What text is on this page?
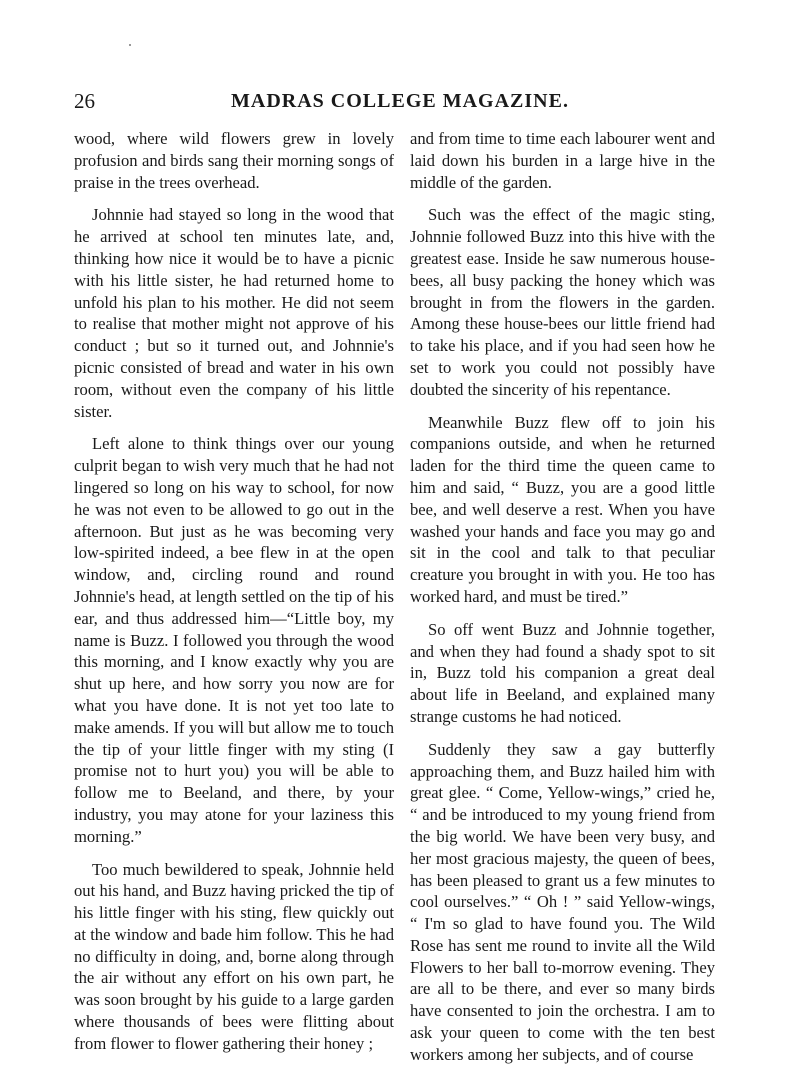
26	MADRAS COLLEGE MAGAZINE.

wood, where wild flowers grew in lovely profusion and birds sang their morning songs of praise in the trees overhead.

Johnnie had stayed so long in the wood that he arrived at school ten minutes late, and, thinking how nice it would be to have a picnic with his little sister, he had returned home to unfold his plan to his mother. He did not seem to realise that mother might not approve of his conduct ; but so it turned out, and Johnnie's picnic consisted of bread and water in his own room, without even the company of his little sister.

Left alone to think things over our young culprit began to wish very much that he had not lingered so long on his way to school, for now he was not even to be allowed to go out in the afternoon. But just as he was becoming very low-spirited indeed, a bee flew in at the open window, and, circling round and round Johnnie's head, at length settled on the tip of his ear, and thus addressed him—“Little boy, my name is Buzz. I followed you through the wood this morning, and I know exactly why you are shut up here, and how sorry you now are for what you have done. It is not yet too late to make amends. If you will but allow me to touch the tip of your little finger with my sting (I promise not to hurt you) you will be able to follow me to Beeland, and there, by your industry, you may atone for your laziness this morning.”

Too much bewildered to speak, Johnnie held out his hand, and Buzz having pricked the tip of his little finger with his sting, flew quickly out at the window and bade him follow. This he had no difficulty in doing, and, borne along through the air without any effort on his own part, he was soon brought by his guide to a large garden where thousands of bees were flitting about from flower to flower gathering their honey ;

and from time to time each labourer went and laid down his burden in a large hive in the middle of the garden.

Such was the effect of the magic sting, Johnnie followed Buzz into this hive with the greatest ease. Inside he saw numerous house-bees, all busy packing the honey which was brought in from the flowers in the garden. Among these house-bees our little friend had to take his place, and if you had seen how he set to work you could not possibly have doubted the sincerity of his repentance.

Meanwhile Buzz flew off to join his companions outside, and when he returned laden for the third time the queen came to him and said, “ Buzz, you are a good little bee, and well deserve a rest. When you have washed your hands and face you may go and sit in the cool and talk to that peculiar creature you brought in with you. He too has worked hard, and must be tired.”

So off went Buzz and Johnnie together, and when they had found a shady spot to sit in, Buzz told his companion a great deal about life in Beeland, and explained many strange customs he had noticed.

Suddenly they saw a gay butterfly approaching them, and Buzz hailed him with great glee. “ Come, Yellow-wings,” cried he, “ and be introduced to my young friend from the big world. We have been very busy, and her most gracious majesty, the queen of bees, has been pleased to grant us a few minutes to cool ourselves.” “ Oh ! ” said Yellow-wings, “ I'm so glad to have found you. The Wild Rose has sent me round to invite all the Wild Flowers to her ball to-morrow evening. They are all to be there, and ever so many birds have consented to join the orchestra. I am to ask your queen to come with the ten best workers among her subjects, and of course
